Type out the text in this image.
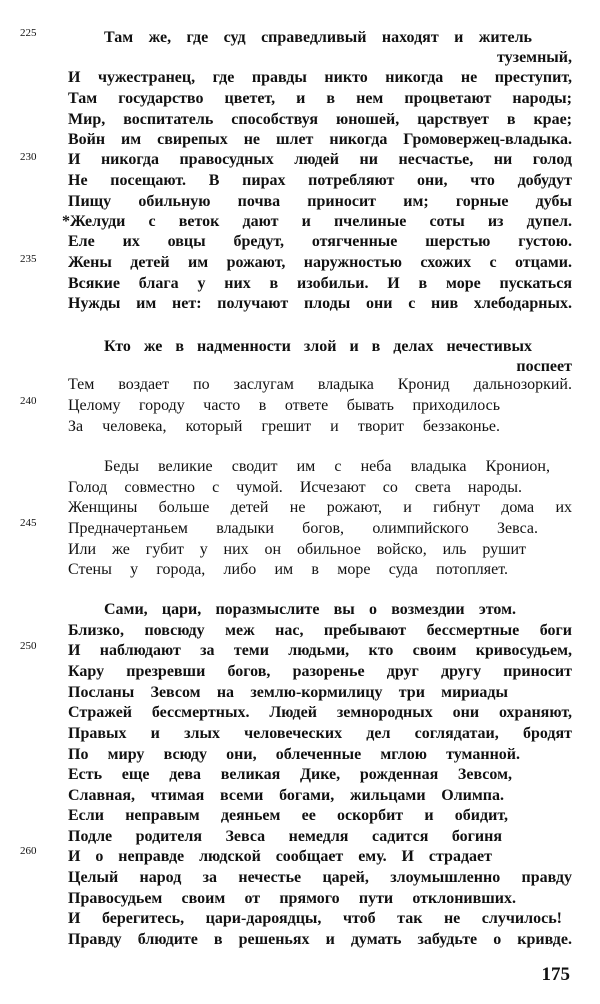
225
230
235
240
245
250
260
Там же, где суд справедливый находят и житель
туземный,
И чужестранец, где правды никто никогда не преступит,
Там государство цветет, и в нем процветают народы;
Мир, воспитатель способствуя юношей, царствует в крае;
Войн им свирепых не шлет никогда Громовержец-владыка.
И никогда правосудных людей ни несчастье, ни голод
Не посещают. В пирах потребляют они, что добудут
Пищу обильную почва приносит им; горные дубы
*Желуди с веток дают и пчелиные соты из дупел.
Еле их овцы бредут, отягченные шерстью густою.
Жены детей им рожают, наружностью схожих с отцами.
Всякие блага у них в изобильи. И в море пускаться
Нужды им нет: получают плоды они с нив хлебодарных.
Кто же в надменности злой и в делах нечестивых
поспеет
Тем воздает по заслугам владыка Кронид дальнозоркий.
Целому городу часто в ответе бывать приходилось
За человека, который грешит и творит беззаконье.
Беды великие сводит им с неба владыка Кронион,
Голод совместно с чумой. Исчезают со света народы.
Женщины больше детей не рожают, и гибнут дома их
Предначертаньем владыки богов, олимпийского Зевса.
Или же губит у них он обильное войско, иль рушит
Стены у города, либо им в море суда потопляет.
Сами, цари, поразмыслите вы о возмездии этом.
Близко, повсюду меж нас, пребывают бессмертные боги
И наблюдают за теми людьми, кто своим кривосудьем,
Кару презревши богов, разоренье друг другу приносит
Посланы Зевсом на землю-кормилицу три мириады
Стражей бессмертных. Людей земнородных они охраняют,
Правых и злых человеческих дел соглядатаи, бродят
По миру всюду они, облеченные мглою туманной.
Есть еще дева великая Дике, рожденная Зевсом,
Славная, чтимая всеми богами, жильцами Олимпа.
Если неправым деяньем ее оскорбит и обидит,
Подле родителя Зевса немедля садится богиня
И о неправде людской сообщает ему. И страдает
Целый народ за нечестье царей, злоумышленно правду
Правосудьем своим от прямого пути отклонивших.
И берегитесь, цари-дароядцы, чтоб так не случилось!
Правду блюдите в решеньях и думать забудьте о кривде.
175
